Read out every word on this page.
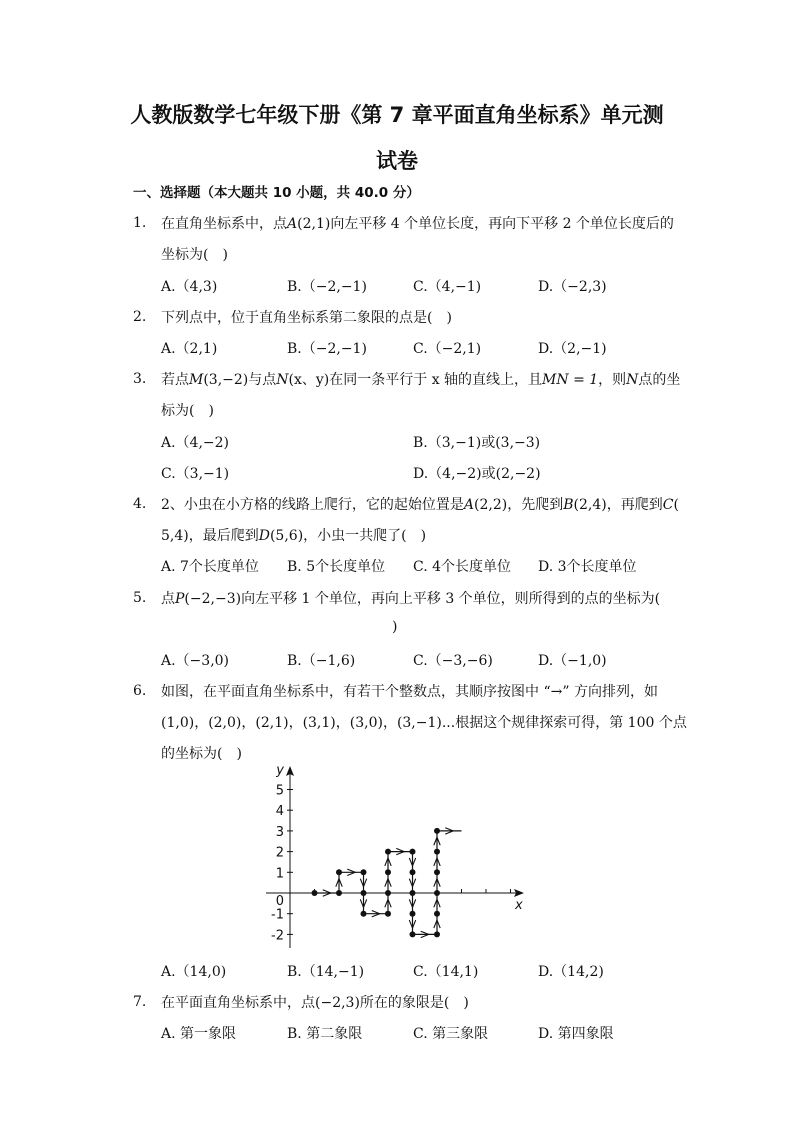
人教版数学七年级下册《第 7 章平面直角坐标系》单元测
试卷
一、选择题（本大题共 10 小题，共 40.0 分）
1. 在直角坐标系中，点A(2,1)向左平移 4 个单位长度，再向下平移 2 个单位长度后的
坐标为(　)
A.（4,3)	B.（−2,−1)	C.（4,−1)	D.（−2,3)
2. 下列点中，位于直角坐标系第二象限的点是(　)
A.（2,1)	B.（−2,−1)	C.（−2,1)	D.（2,−1)
3. 若点M(3,−2)与点N(x、y)在同一条平行于 x 轴的直线上，且MN = 1，则N点的坐
标为(　)
A.（4,−2)	B.（3,−1)或(3,−3)
C.（3,−1)	D.（4,−2)或(2,−2)
4. 2、小虫在小方格的线路上爬行，它的起始位置是A(2,2)，先爬到B(2,4)，再爬到C(
5,4)，最后爬到D(5,6)，小虫一共爬了(　)
A. 7个长度单位 B. 5个长度单位 C. 4个长度单位 D. 3个长度单位
5. 点P(−2,−3)向左平移 1 个单位，再向上平移 3 个单位，则所得到的点的坐标为(
)
A.（−3,0)	B.（−1,6)	C.（−3,−6)	D.（−1,0)
6. 如图，在平面直角坐标系中，有若干个整数点，其顺序按图中 “→” 方向排列，如
(1,0)，(2,0)，(2,1)，(3,1)，(3,0)，(3,−1)...根据这个规律探索可得，第 100 个点
的坐标为(　)
y
x
0
5
4
3
2
1
-1
-2
A.（14,0)	B.（14,−1)	C.（14,1)	D.（14,2)
7. 在平面直角坐标系中，点(−2,3)所在的象限是(　)
A. 第一象限	B. 第二象限	C. 第三象限	D. 第四象限
